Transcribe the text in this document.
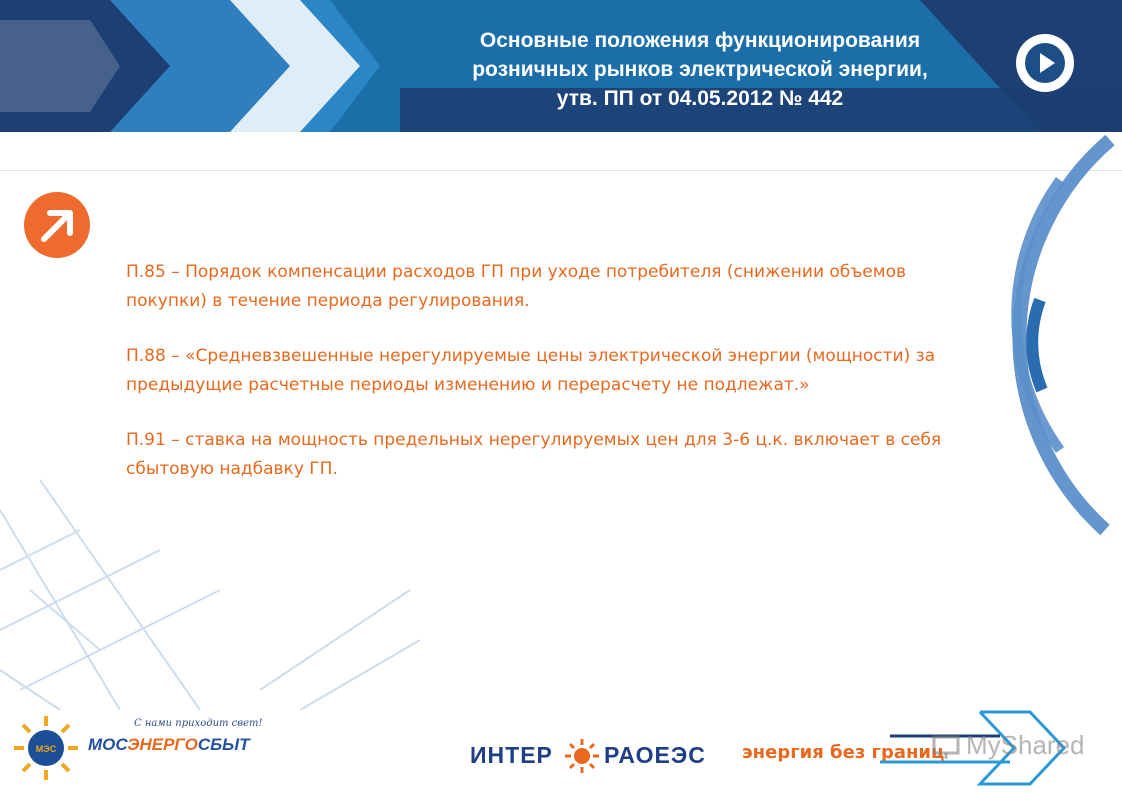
Основные положения функционирования
розничных рынков электрической энергии,
утв. ПП от 04.05.2012 № 442

П.85 – Порядок компенсации расходов ГП при уходе потребителя (снижении объемов покупки) в течение периода регулирования.

П.88 – «Средневзвешенные нерегулируемые цены электрической энергии (мощности) за предыдущие расчетные периоды изменению и перерасчету не подлежат.»

П.91 – ставка на мощность предельных нерегулируемых цен для 3-6 ц.к. включает в себя сбытовую надбавку ГП.

МЭС
С нами приходит свет!
МОСЭНЕРГОСБЫТ	ИНТЕР РАОЕЭС энергия без границ MyShared
